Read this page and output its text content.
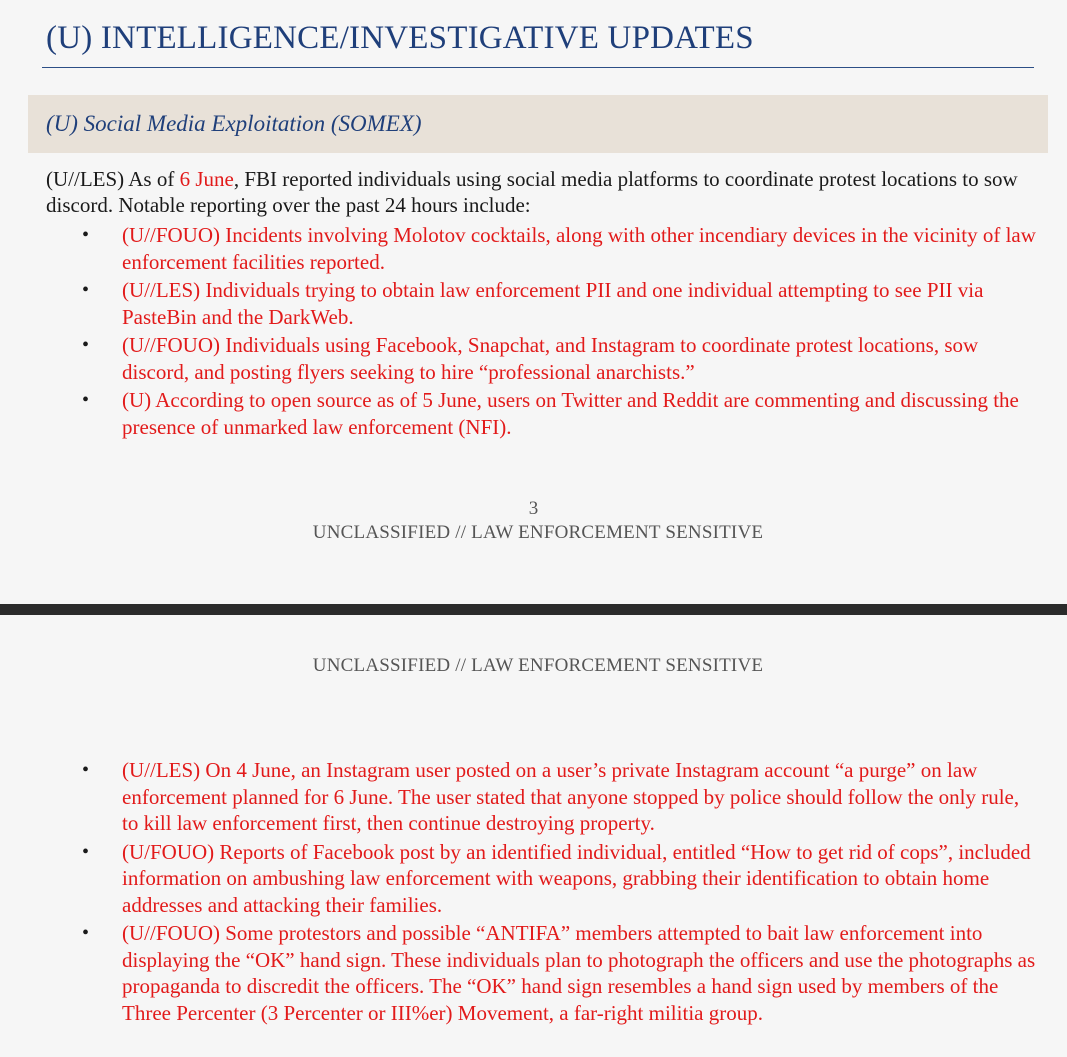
(U) INTELLIGENCE/INVESTIGATIVE UPDATES
(U) Social Media Exploitation (SOMEX)

(U//LES) As of 6 June, FBI reported individuals using social media platforms to coordinate protest locations to sow discord. Notable reporting over the past 24 hours include:

• (U//FOUO) Incidents involving Molotov cocktails, along with other incendiary devices in the vicinity of law enforcement facilities reported.
• (U//LES) Individuals trying to obtain law enforcement PII and one individual attempting to see PII via PasteBin and the DarkWeb.
• (U//FOUO) Individuals using Facebook, Snapchat, and Instagram to coordinate protest locations, sow discord, and posting flyers seeking to hire “professional anarchists.”
• (U) According to open source as of 5 June, users on Twitter and Reddit are commenting and discussing the presence of unmarked law enforcement (NFI).
3
UNCLASSIFIED // LAW ENFORCEMENT SENSITIVE
UNCLASSIFIED // LAW ENFORCEMENT SENSITIVE
• (U//LES) On 4 June, an Instagram user posted on a user’s private Instagram account “a purge” on law enforcement planned for 6 June. The user stated that anyone stopped by police should follow the only rule, to kill law enforcement first, then continue destroying property.
• (U/FOUO) Reports of Facebook post by an identified individual, entitled “How to get rid of cops”, included information on ambushing law enforcement with weapons, grabbing their identification to obtain home addresses and attacking their families.
• (U//FOUO) Some protestors and possible “ANTIFA” members attempted to bait law enforcement into displaying the “OK” hand sign. These individuals plan to photograph the officers and use the photographs as propaganda to discredit the officers. The “OK” hand sign resembles a hand sign used by members of the Three Percenter (3 Percenter or III%er) Movement, a far-right militia group.
